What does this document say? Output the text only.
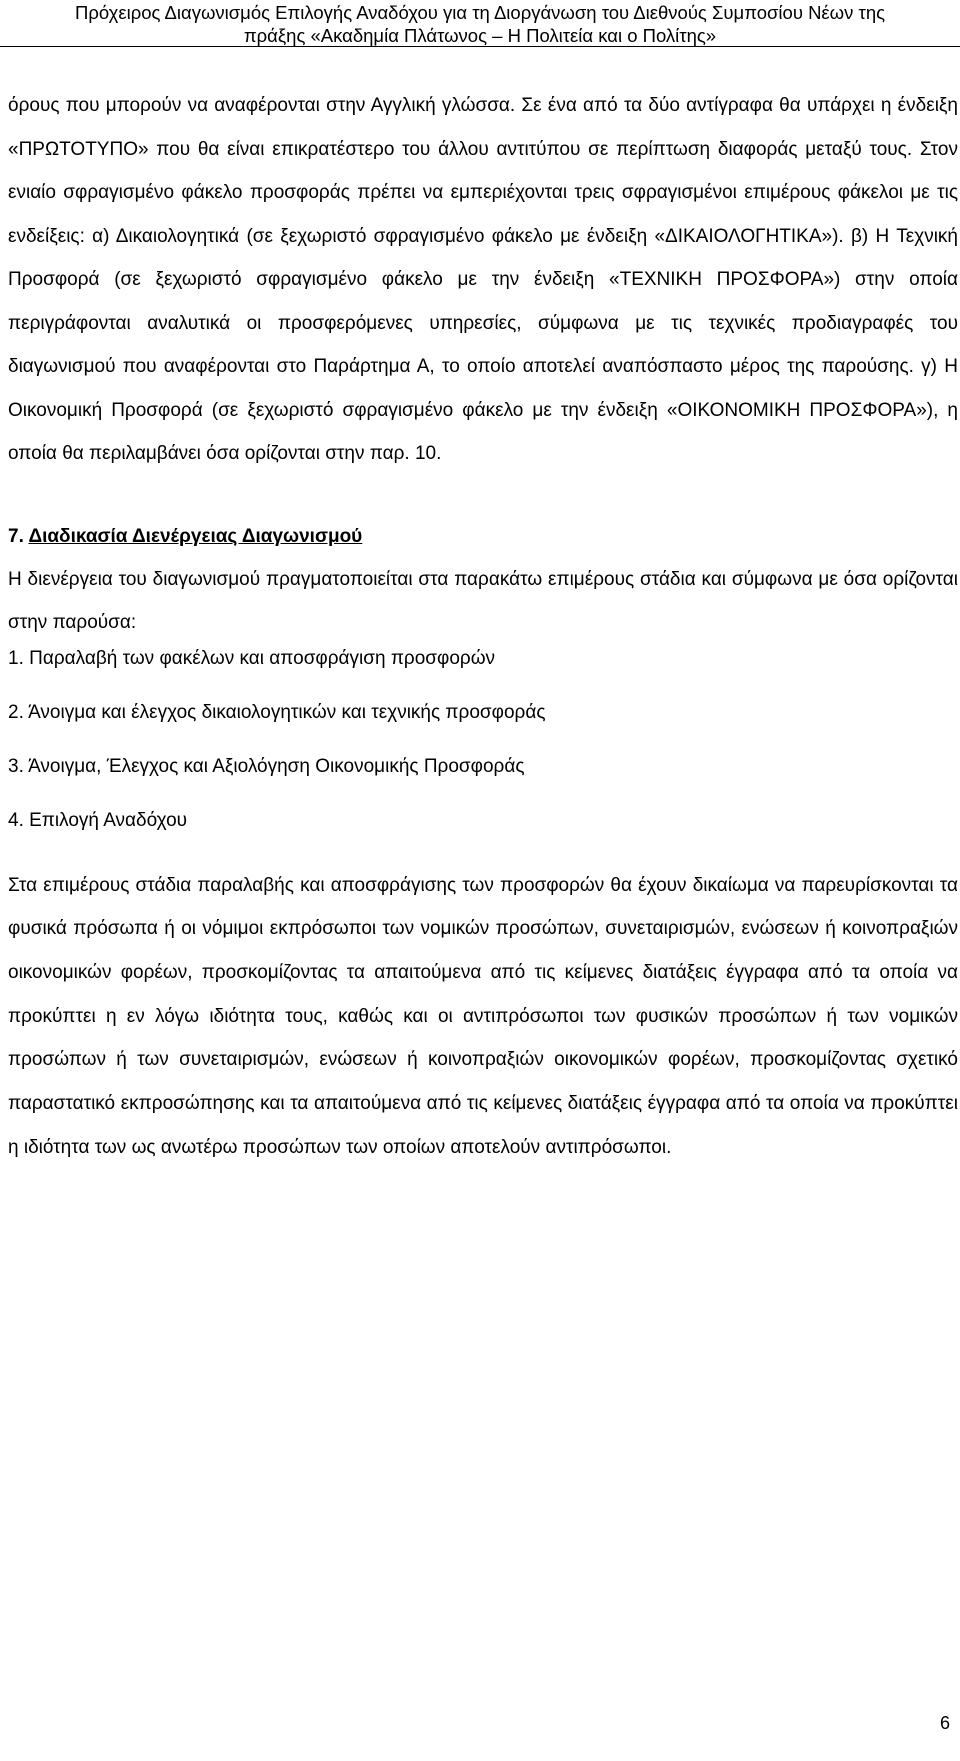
Πρόχειρος Διαγωνισμός Επιλογής Αναδόχου για τη Διοργάνωση του Διεθνούς Συμποσίου Νέων της
πράξης «Ακαδημία Πλάτωνος – Η Πολιτεία και ο Πολίτης»

όρους που μπορούν να αναφέρονται στην Αγγλική γλώσσα. Σε ένα από τα δύο αντίγραφα θα υπάρχει η ένδειξη «ΠΡΩΤΟΤΥΠΟ» που θα είναι επικρατέστερο του άλλου αντιτύπου σε περίπτωση διαφοράς μεταξύ τους. Στον ενιαίο σφραγισμένο φάκελο προσφοράς πρέπει να εμπεριέχονται τρεις σφραγισμένοι επιμέρους φάκελοι με τις ενδείξεις: α) Δικαιολογητικά (σε ξεχωριστό σφραγισμένο φάκελο με ένδειξη «ΔΙΚΑΙΟΛΟΓΗΤΙΚΑ»). β) Η Τεχνική Προσφορά (σε ξεχωριστό σφραγισμένο φάκελο με την ένδειξη «ΤΕΧΝΙΚΗ ΠΡΟΣΦΟΡΑ») στην οποία περιγράφονται αναλυτικά οι προσφερόμενες υπηρεσίες, σύμφωνα με τις τεχνικές προδιαγραφές του διαγωνισμού που αναφέρονται στο Παράρτημα Α, το οποίο αποτελεί αναπόσπαστο μέρος της παρούσης. γ) Η Οικονομική Προσφορά (σε ξεχωριστό σφραγισμένο φάκελο με την ένδειξη «ΟΙΚΟΝΟΜΙΚΗ ΠΡΟΣΦΟΡΑ»), η οποία θα περιλαμβάνει όσα ορίζονται στην παρ. 10.

7. Διαδικασία Διενέργειας Διαγωνισμού

Η διενέργεια του διαγωνισμού πραγματοποιείται στα παρακάτω επιμέρους στάδια και σύμφωνα με όσα ορίζονται στην παρούσα:

1. Παραλαβή των φακέλων και αποσφράγιση προσφορών
2. Άνοιγμα και έλεγχος δικαιολογητικών και τεχνικής προσφοράς
3. Άνοιγμα, Έλεγχος και Αξιολόγηση Οικονομικής Προσφοράς
4. Επιλογή Αναδόχου

Στα επιμέρους στάδια παραλαβής και αποσφράγισης των προσφορών θα έχουν δικαίωμα να παρευρίσκονται τα φυσικά πρόσωπα ή οι νόμιμοι εκπρόσωποι των νομικών προσώπων, συνεταιρισμών, ενώσεων ή κοινοπραξιών οικονομικών φορέων, προσκομίζοντας τα απαιτούμενα από τις κείμενες διατάξεις έγγραφα από τα οποία να προκύπτει η εν λόγω ιδιότητα τους, καθώς και οι αντιπρόσωποι των φυσικών προσώπων ή των νομικών προσώπων ή των συνεταιρισμών, ενώσεων ή κοινοπραξιών οικονομικών φορέων, προσκομίζοντας σχετικό παραστατικό εκπροσώπησης και τα απαιτούμενα από τις κείμενες διατάξεις έγγραφα από τα οποία να προκύπτει η ιδιότητα των ως ανωτέρω προσώπων των οποίων αποτελούν αντιπρόσωποι.

6
